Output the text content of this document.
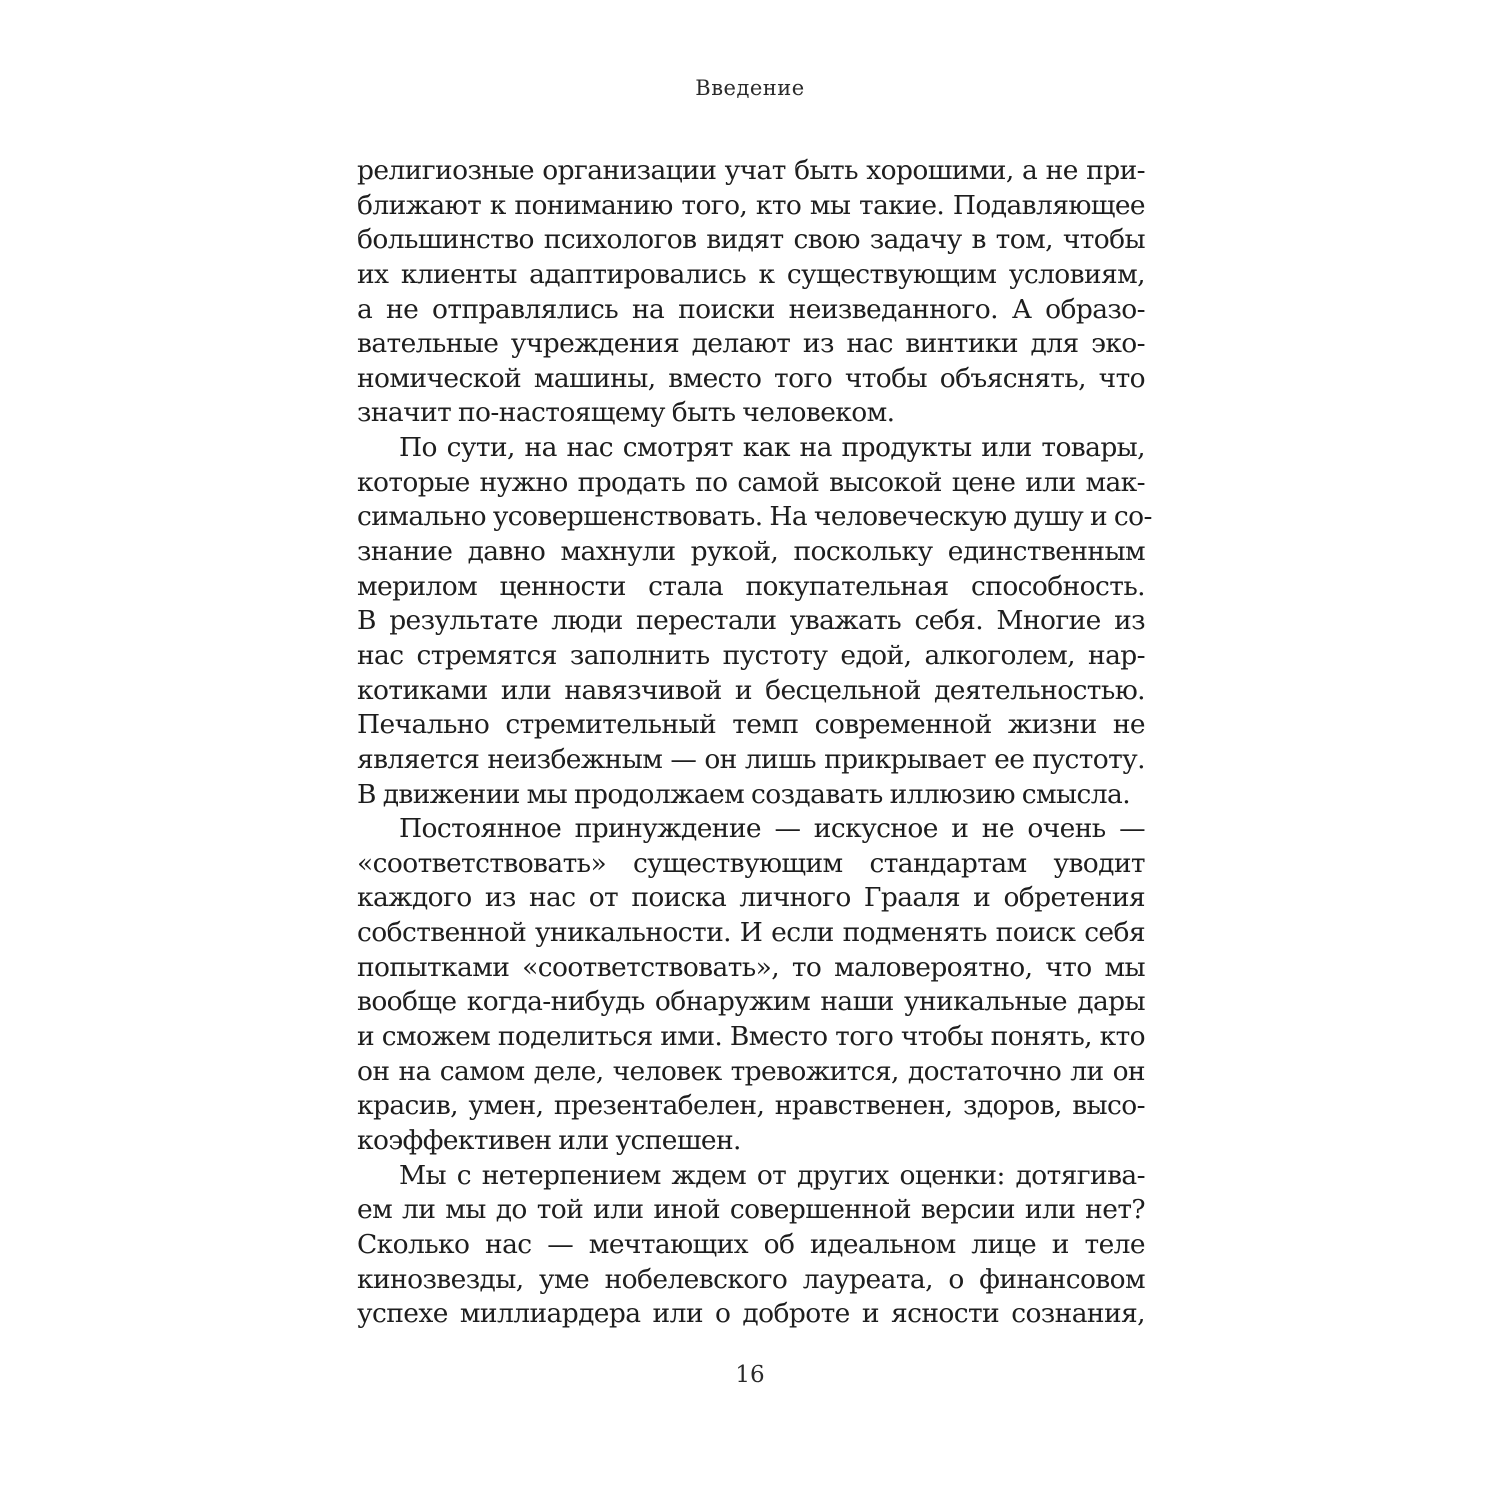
Введение
религиозные организации учат быть хорошими, а не при-
ближают к пониманию того, кто мы такие. Подавляющее
большинство психологов видят свою задачу в том, чтобы
их клиенты адаптировались к существующим условиям,
а не отправлялись на поиски неизведанного. А образо-
вательные учреждения делают из нас винтики для эко-
номической машины, вместо того чтобы объяснять, что
значит по-настоящему быть человеком.
По сути, на нас смотрят как на продукты или товары,
которые нужно продать по самой высокой цене или мак-
симально усовершенствовать. На человеческую душу и со-
знание давно махнули рукой, поскольку единственным
мерилом ценности стала покупательная способность.
В результате люди перестали уважать себя. Многие из
нас стремятся заполнить пустоту едой, алкоголем, нар-
котиками или навязчивой и бесцельной деятельностью.
Печально стремительный темп современной жизни не
является неизбежным — он лишь прикрывает ее пустоту.
В движении мы продолжаем создавать иллюзию смысла.
Постоянное принуждение — искусное и не очень —
«соответствовать» существующим стандартам уводит
каждого из нас от поиска личного Грааля и обретения
собственной уникальности. И если подменять поиск себя
попытками «соответствовать», то маловероятно, что мы
вообще когда-нибудь обнаружим наши уникальные дары
и сможем поделиться ими. Вместо того чтобы понять, кто
он на самом деле, человек тревожится, достаточно ли он
красив, умен, презентабелен, нравственен, здоров, высо-
коэффективен или успешен.
Мы с нетерпением ждем от других оценки: дотягива-
ем ли мы до той или иной совершенной версии или нет?
Сколько нас — мечтающих об идеальном лице и теле
кинозвезды, уме нобелевского лауреата, о финансовом
успехе миллиардера или о доброте и ясности сознания,
16
